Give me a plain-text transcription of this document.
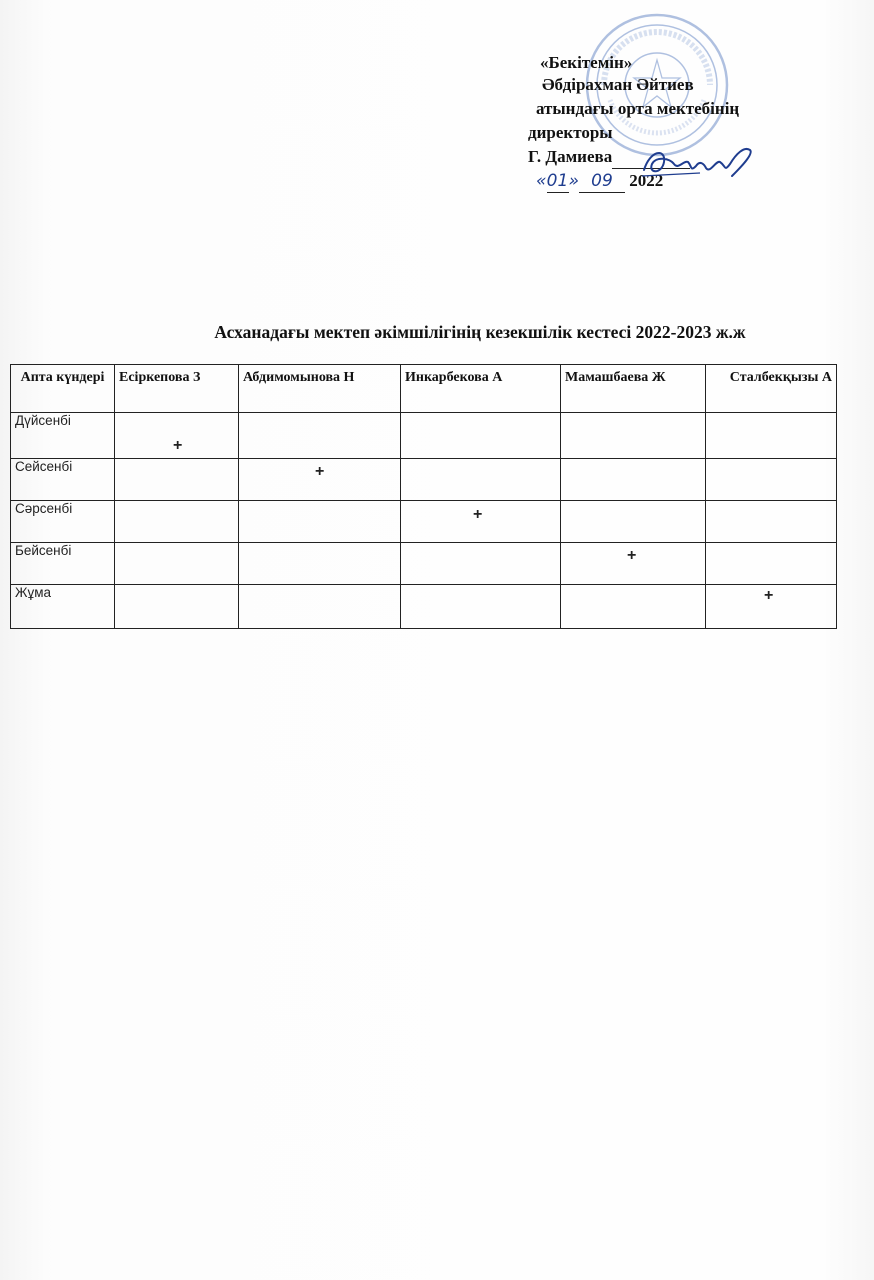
«Бекітемін»
Әбдірахман Әйтиев
атындағы орта мектебінің
директоры
Г. Дамиева
«01» 09 2022
Асханадағы мектеп әкімшілігінің кезекшілік кестесі 2022-2023 ж.ж
Апта күндері	Есіркепова З	Абдимомынова Н	Инкарбекова А	Мамашбаева Ж	Сталбекқызы А
Дүйсенбі	+				

Сейсенбі		+			

Сәрсенбі			+		

Бейсенбі				+	

Жұма					+
